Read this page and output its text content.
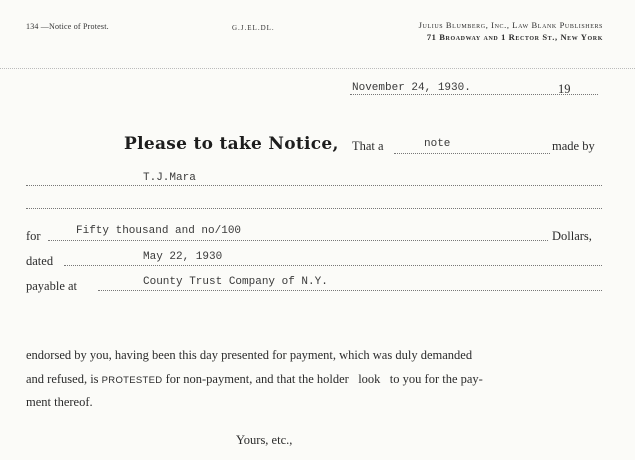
134 —Notice of Protest.	G.J.EL.DL.	Julius Blumberg, Inc., Law Blank Publishers
71 Broadway and 1 Rector St., New York
November 24, 1930.	19
Please to take Notice, That a	note	made by
T.J.Mara
for	Fifty thousand and no/100	Dollars,
dated	May 22, 1930
payable at	County Trust Company of N.Y.
endorsed by you, having been this day presented for payment, which was duly demanded
and refused, is PROTESTED for non-payment, and that the holder   look   to you for the pay-
ment thereof.
Yours, etc.,
